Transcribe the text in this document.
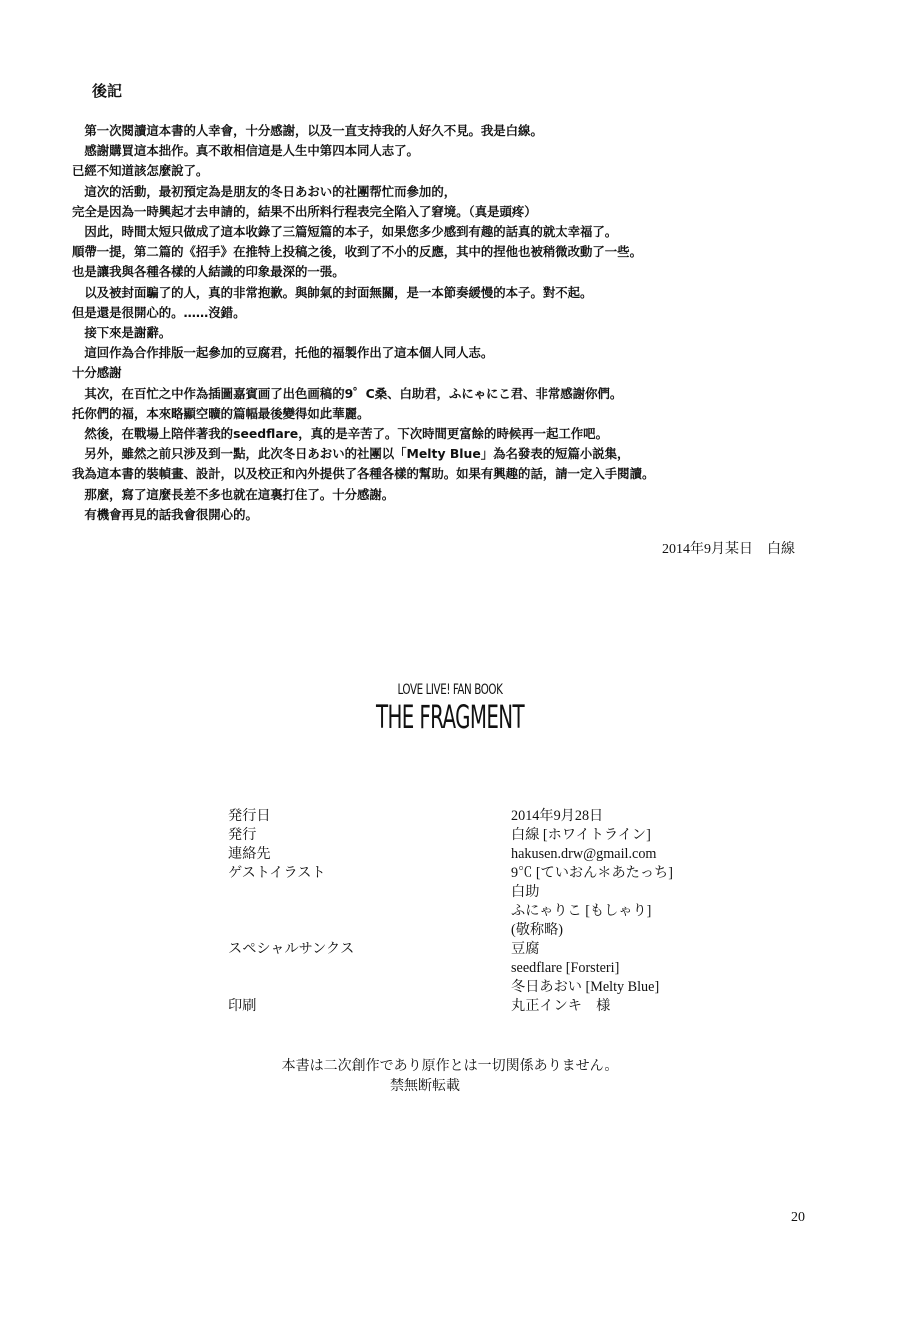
後記
　第一次閱讀這本書的人幸會，十分感謝，以及一直支持我的人好久不見。我是白線。
　感謝購買這本拙作。真不敢相信這是人生中第四本同人志了。
已經不知道該怎麼說了。
　這次的活動，最初預定為是朋友的冬日あおい的社團帮忙而參加的，
完全是因為一時興起才去申請的，結果不出所料行程表完全陷入了窘境。（真是頭疼）
　因此，時間太短只做成了這本收錄了三篇短篇的本子，如果您多少感到有趣的話真的就太幸福了。
順帶一提，第二篇的《招手》在推特上投稿之後，收到了不小的反應，其中的捏他也被稍微改動了一些。
也是讓我與各種各樣的人結識的印象最深的一張。
　以及被封面騙了的人，真的非常抱歉。與帥氣的封面無關，是一本節奏緩慢的本子。對不起。
但是還是很開心的。……沒錯。
　接下來是謝辭。
　這回作為合作排版一起參加的豆腐君，托他的福製作出了這本個人同人志。
十分感謝
　其次，在百忙之中作為插圖嘉賓画了出色画稿的9゜C桑、白助君，ふにゃにこ君、非常感謝你們。
托你們的福，本來略顯空曠的篇幅最後變得如此華麗。
　然後，在戰場上陪伴著我的seedflare，真的是辛苦了。下次時間更富餘的時候再一起工作吧。
　另外，雖然之前只涉及到一點，此次冬日あおい的社團以「Melty Blue」為名發表的短篇小説集，
我為這本書的裝幀畫、設計，以及校正和內外提供了各種各樣的幫助。如果有興趣的話，請一定入手閱讀。
　那麼，寫了這麼長差不多也就在這裏打住了。十分感謝。
　有機會再見的話我會很開心的。
2014年9月某日　白線
LOVE LIVE! FAN BOOK
THE FRAGMENT
発行日	2014年9月28日
発行	白線 [ホワイトライン]
連絡先	hakusen.drw@gmail.com
ゲストイラスト	9℃ [ていおん＊あたっち]
白助
ふにゃりこ [もしゃり]
(敬称略)
スペシャルサンクス	豆腐
seedflare [Forsteri]
冬日あおい [Melty Blue]
印刷	丸正インキ　様
本書は二次創作であり原作とは一切関係ありません。
禁無断転載
20
